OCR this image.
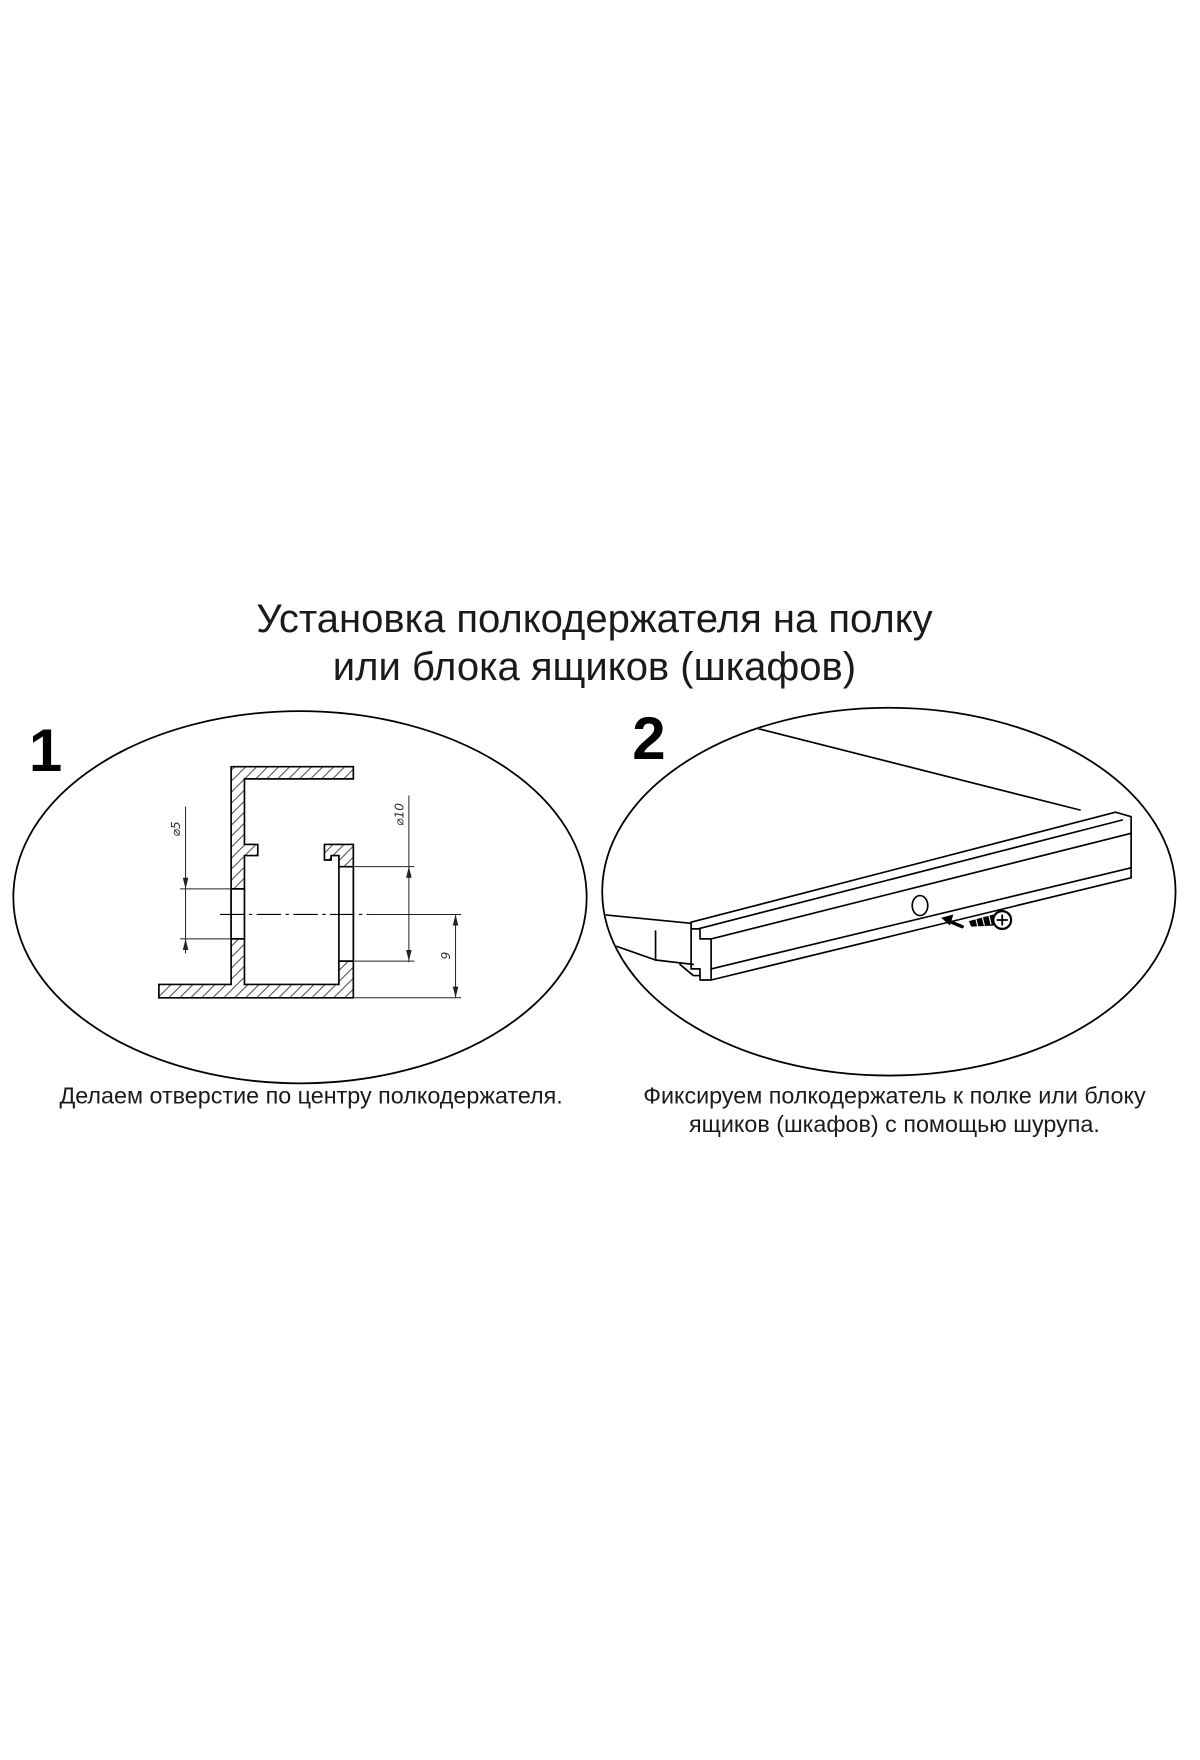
Установка полкодержателя на полку
или блока ящиков (шкафов)
1
⌀5
⌀10
9
Делаем отверстие по центру полкодержателя.
2
Фиксируем полкодержатель к полке или блоку
ящиков (шкафов) с помощью шурупа.
